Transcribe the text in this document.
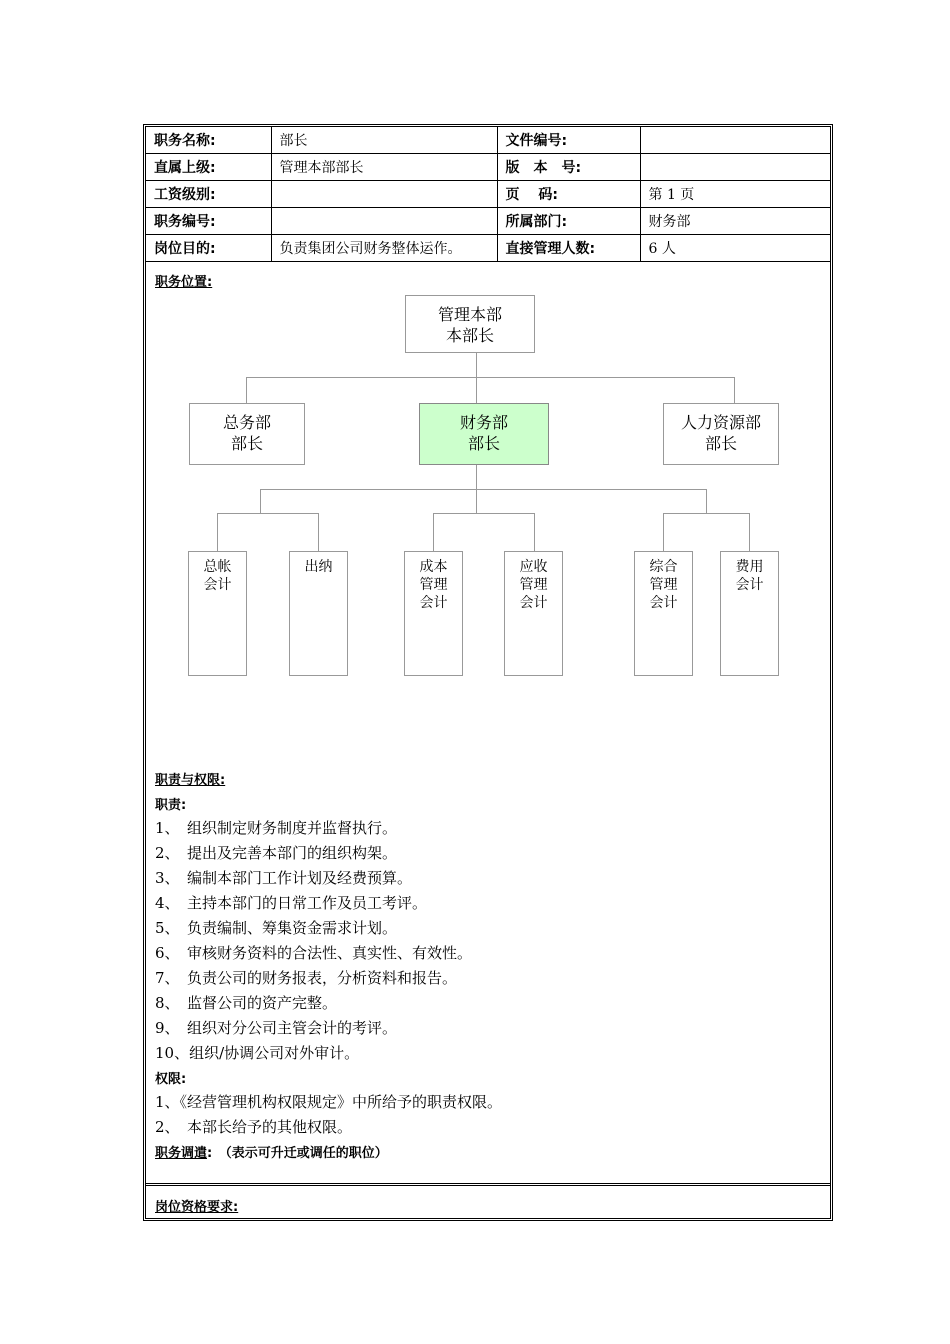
职务名称:	部长	文件编号:	
直属上级:	管理本部部长	版　本　号:	
工资级别:		页　 码:	第 1 页
职务编号:		所属部门:	财务部
岗位目的:	负责集团公司财务整体运作。	直接管理人数:	6 人
职务位置:
管理本部
本部长
总务部
部长
财务部
部长
人力资源部
部长
总帐
会计
出纳	成本
管理
会计
应收
管理
会计
综合
管理
会计
费用
会计
职责与权限:
职责:
1、　组织制定财务制度并监督执行。
2、　提出及完善本部门的组织构架。
3、　编制本部门工作计划及经费预算。
4、　主持本部门的日常工作及员工考评。
5、　负责编制、筹集资金需求计划。
6、　审核财务资料的合法性、真实性、有效性。
7、　负责公司的财务报表，分析资料和报告。
8、　监督公司的资产完整。
9、　组织对分公司主管会计的考评。
10、组织/协调公司对外审计。
权限:
1、《经营管理机构权限规定》中所给予的职责权限。
2、　本部长给予的其他权限。
职务调遣:　（表示可升迁或调任的职位）
岗位资格要求:
